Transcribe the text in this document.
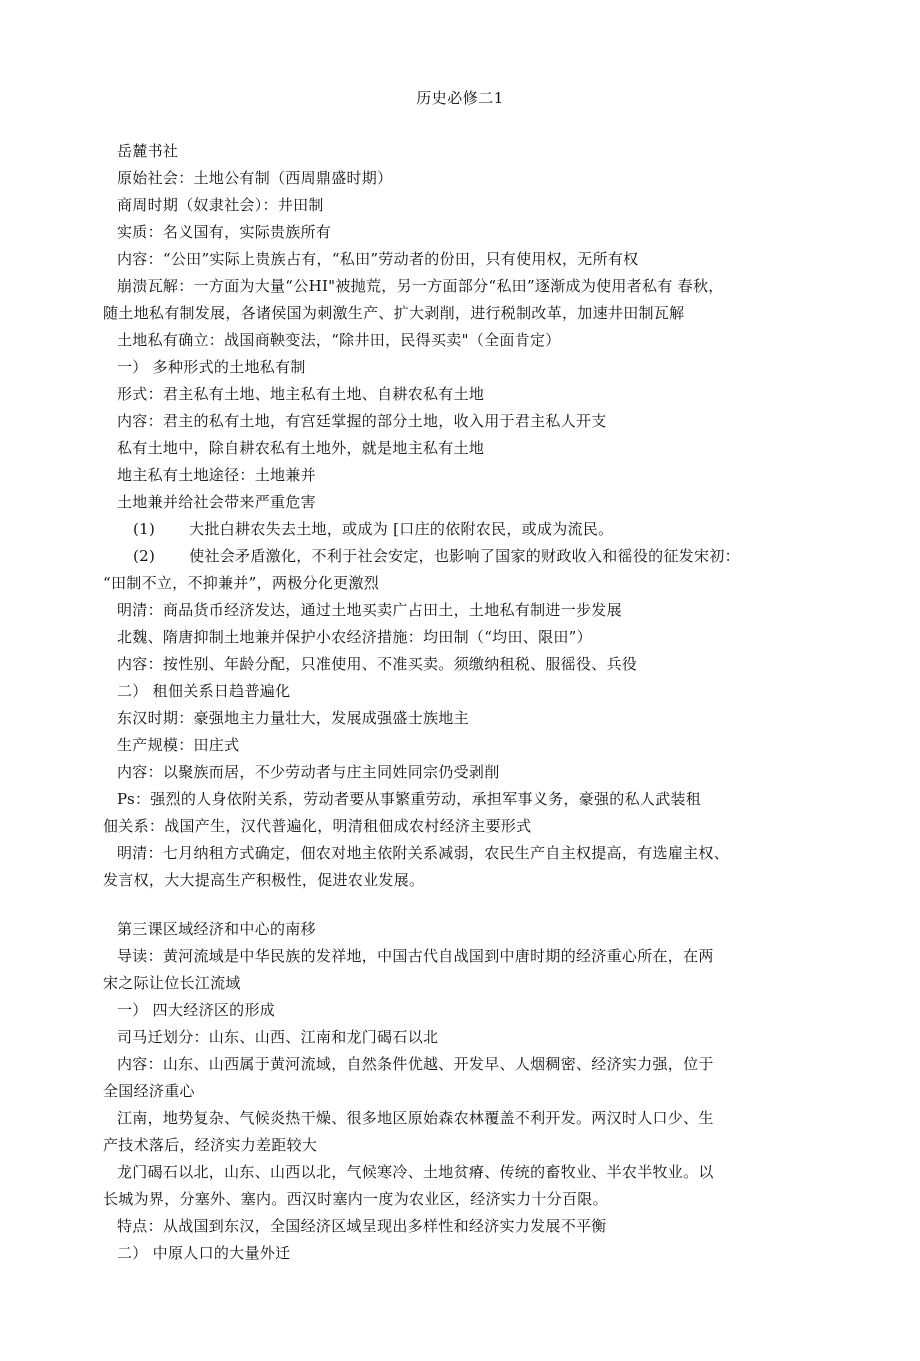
历史必修二1
岳麓书社
原始社会：土地公有制（西周鼎盛时期）
商周时期（奴隶社会）：井田制
实质：名义国有，实际贵族所有
内容：“公田”实际上贵族占有，“私田”劳动者的份田，只有使用权，无所有权
崩溃瓦解：一方面为大量“公HI"被抛荒，另一方面部分“私田”逐渐成为使用者私有 春秋，
随土地私有制发展，各诸侯国为刺激生产、扩大剥削，进行税制改革，加速井田制瓦解
土地私有确立：战国商鞅变法，“除井田，民得买卖"（全面肯定）
一） 多种形式的土地私有制
形式：君主私有土地、地主私有土地、自耕农私有土地
内容：君主的私有土地，有宫廷掌握的部分土地，收入用于君主私人开支
私有土地中，除自耕农私有土地外，就是地主私有土地
地主私有土地途径：土地兼并
土地兼并给社会带来严重危害
(1) 大批白耕农失去土地，或成为 [口庄的依附农民，或成为流民。
(2) 使社会矛盾激化，不利于社会安定，也影响了国家的财政收入和徭役的征发宋初：
“田制不立，不抑兼并”，两极分化更激烈
明清：商品货币经济发达，通过土地买卖广占田土，土地私有制进一步发展
北魏、隋唐抑制土地兼并保护小农经济措施：均田制（“均田、限田”）
内容：按性别、年龄分配，只准使用、不准买卖。须缴纳租税、服徭役、兵役
二） 租佃关系日趋普遍化
东汉时期：豪强地主力量壮大，发展成强盛士族地主
生产规模：田庄式
内容：以聚族而居，不少劳动者与庄主同姓同宗仍受剥削
Ps：强烈的人身依附关系，劳动者要从事繁重劳动，承担军事义务，豪强的私人武装租
佃关系：战国产生，汉代普遍化，明清租佃成农村经济主要形式
明清：七月纳租方式确定，佃农对地主依附关系减弱，农民生产自主权提高，有选雇主权、
发言权，大大提高生产积极性，促进农业发展。
第三课区域经济和中心的南移
导读：黄河流域是中华民族的发祥地，中国古代自战国到中唐时期的经济重心所在，在两
宋之际让位长江流域
一） 四大经济区的形成
司马迁划分：山东、山西、江南和龙门碣石以北
内容：山东、山西属于黄河流域，自然条件优越、开发早、人烟稠密、经济实力强，位于
全国经济重心
江南，地势复杂、气候炎热干燥、很多地区原始森农林覆盖不利开发。两汉时人口少、生
产技术落后，经济实力差距较大
龙门碣石以北，山东、山西以北，气候寒冷、土地贫瘠、传统的畜牧业、半农半牧业。以
长城为界，分塞外、塞内。西汉时塞内一度为农业区，经济实力十分百限。
特点：从战国到东汉，全国经济区域呈现出多样性和经济实力发展不平衡
二） 中原人口的大量外迁
